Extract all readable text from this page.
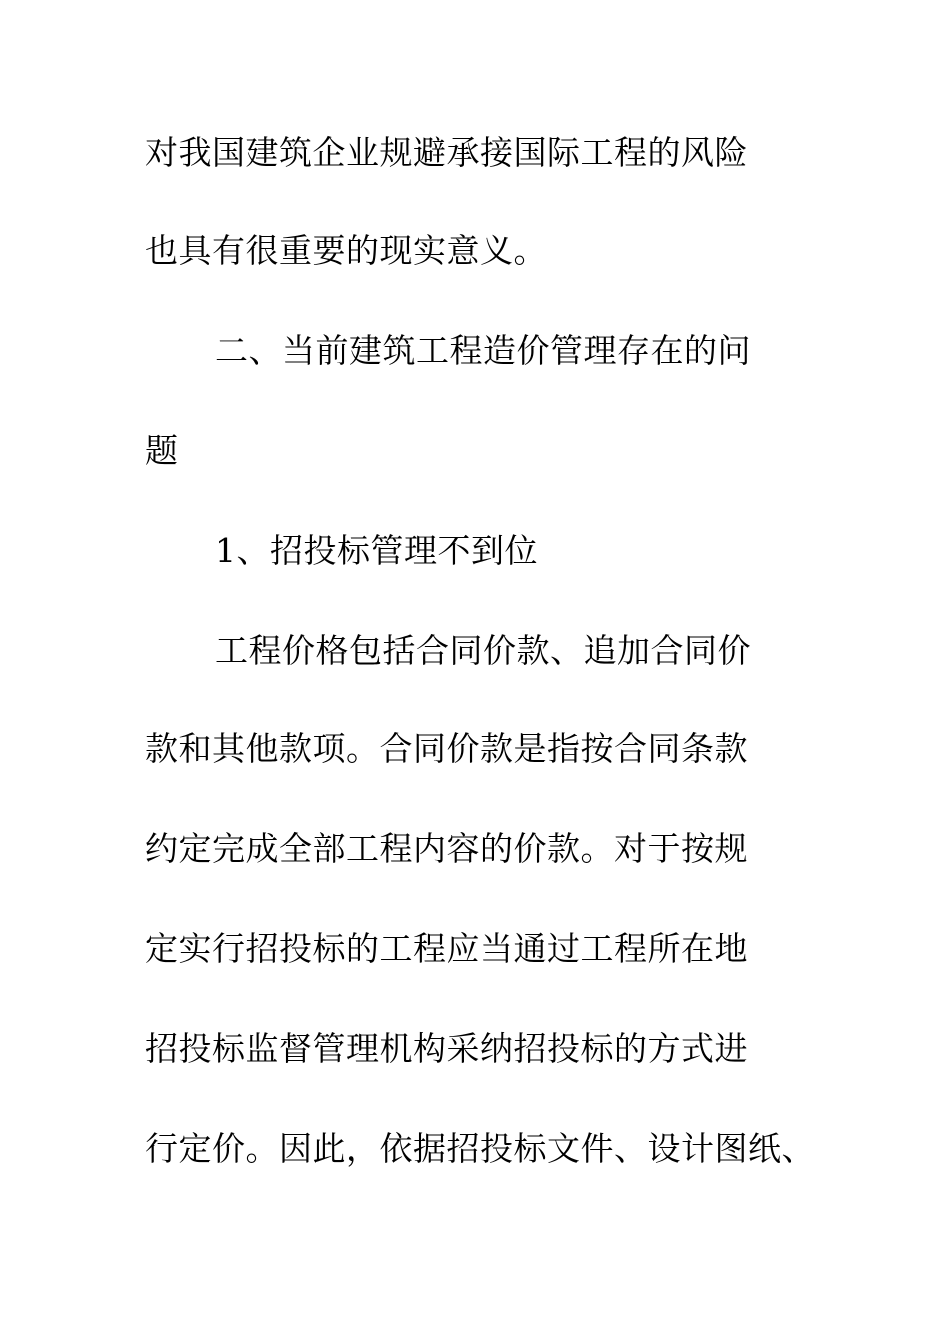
对我国建筑企业规避承接国际工程的风险
也具有很重要的现实意义。
二、当前建筑工程造价管理存在的问
题
1、招投标管理不到位
工程价格包括合同价款、追加合同价
款和其他款项。合同价款是指按合同条款
约定完成全部工程内容的价款。对于按规
定实行招投标的工程应当通过工程所在地
招投标监督管理机构采纳招投标的方式进
行定价。因此，依据招投标文件、设计图纸、
